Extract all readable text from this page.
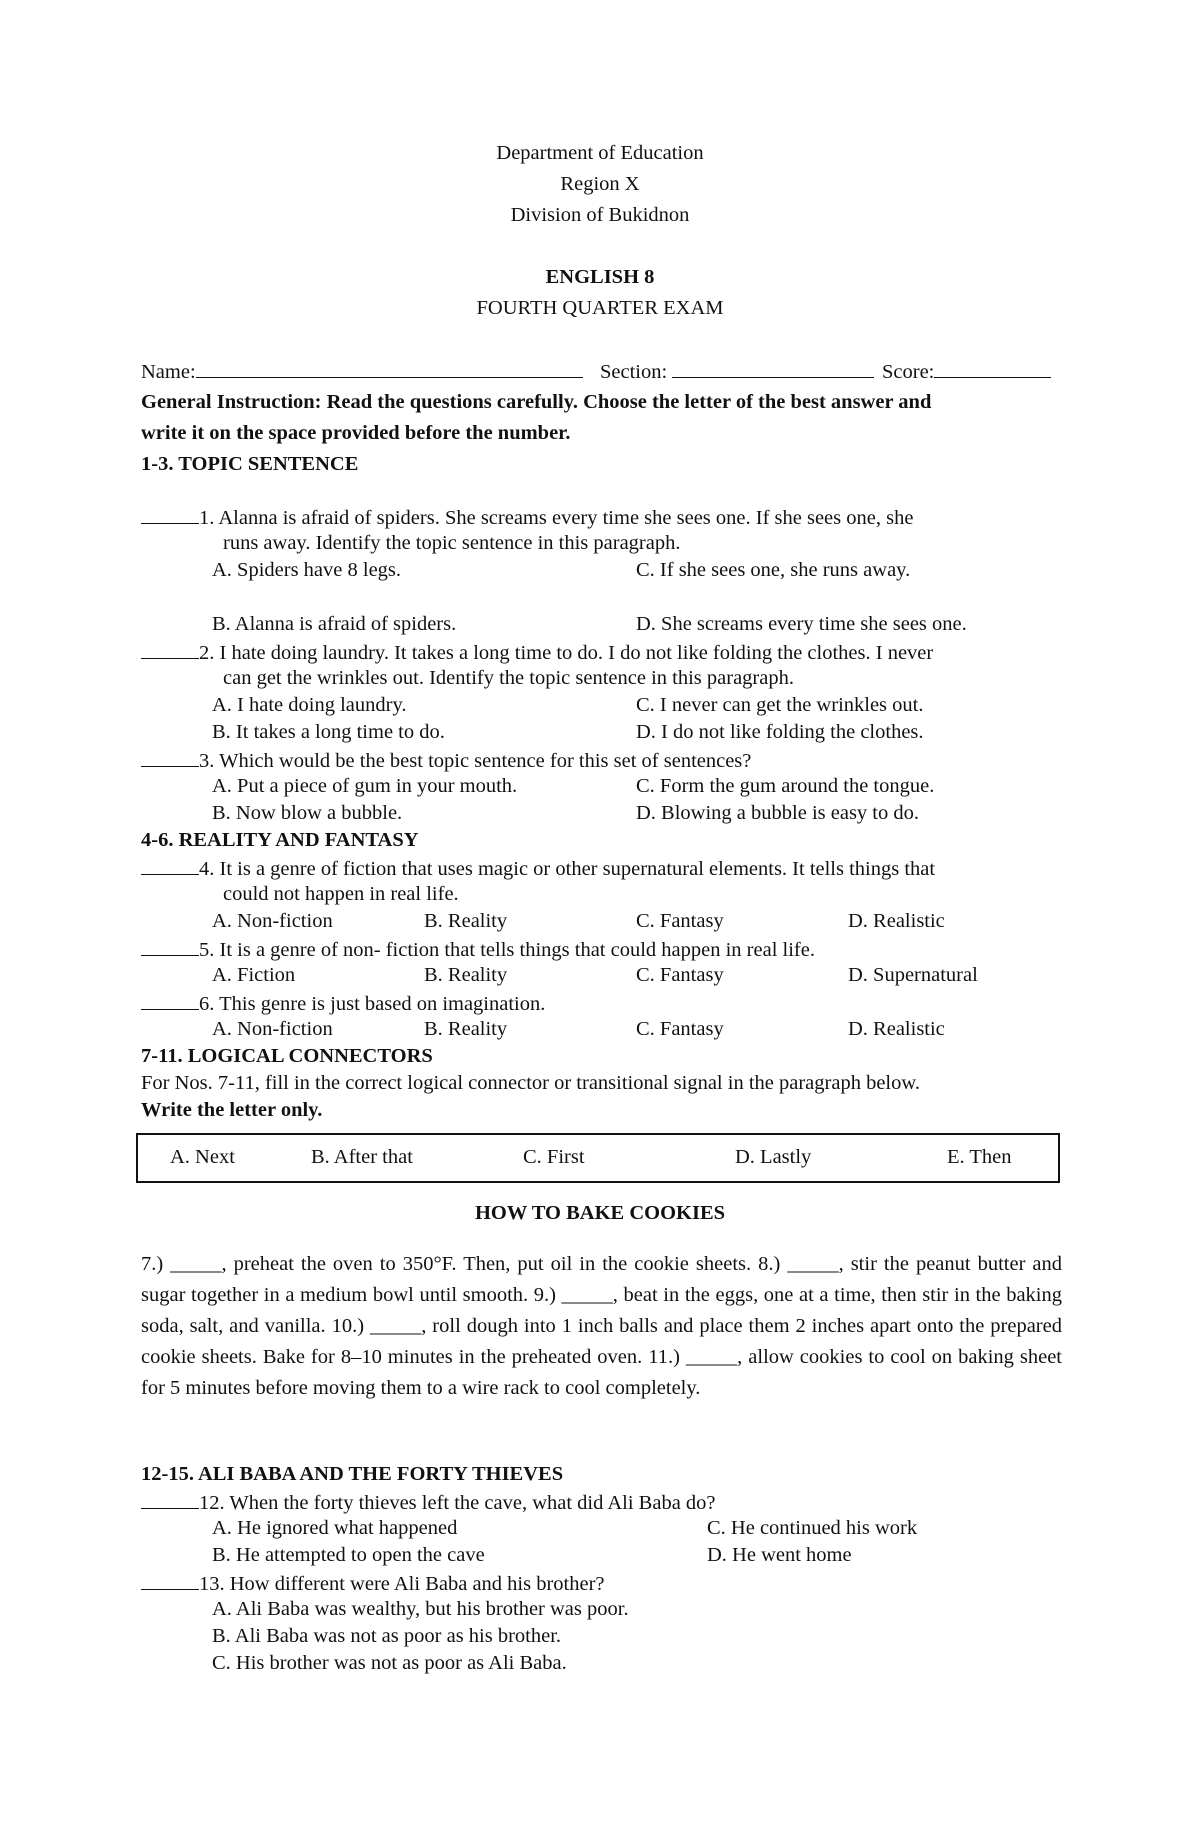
Department of Education
Region X
Division of Bukidnon
ENGLISH 8
FOURTH QUARTER EXAM
Name:	Section:	Score:
General Instruction: Read the questions carefully. Choose the letter of the best answer and
write it on the space provided before the number.
1-3. TOPIC SENTENCE
1. Alanna is afraid of spiders. She screams every time she sees one. If she sees one, she
runs away. Identify the topic sentence in this paragraph.
A. Spiders have 8 legs.	C. If she sees one, she runs away.
B. Alanna is afraid of spiders.	D. She screams every time she sees one.
2. I hate doing laundry. It takes a long time to do. I do not like folding the clothes. I never
can get the wrinkles out. Identify the topic sentence in this paragraph.
A. I hate doing laundry.	C. I never can get the wrinkles out.
B. It takes a long time to do.	D. I do not like folding the clothes.
3. Which would be the best topic sentence for this set of sentences?
A. Put a piece of gum in your mouth.	C. Form the gum around the tongue.
B. Now blow a bubble.	D. Blowing a bubble is easy to do.
4-6. REALITY AND FANTASY
4. It is a genre of fiction that uses magic or other supernatural elements. It tells things that
could not happen in real life.
A. Non-fiction	B. Reality	C. Fantasy	D. Realistic
5. It is a genre of non- fiction that tells things that could happen in real life.
A. Fiction	B. Reality	C. Fantasy	D. Supernatural
6. This genre is just based on imagination.
A. Non-fiction	B. Reality	C. Fantasy	D. Realistic
7-11. LOGICAL CONNECTORS
For Nos. 7-11, fill in the correct logical connector or transitional signal in the paragraph below.
Write the letter only.
A. Next	B. After that	C. First	D. Lastly	E. Then
HOW TO BAKE COOKIES
7.) _____, preheat the oven to 350°F. Then, put oil in the cookie sheets. 8.) _____, stir the peanut butter and sugar together in a medium bowl until smooth. 9.) _____, beat in the eggs, one at a time, then stir in the baking soda, salt, and vanilla. 10.) _____, roll dough into 1 inch balls and place them 2 inches apart onto the prepared cookie sheets. Bake for 8–10 minutes in the preheated oven. 11.) _____, allow cookies to cool on baking sheet for 5 minutes before moving them to a wire rack to cool completely.
12-15. ALI BABA AND THE FORTY THIEVES
12. When the forty thieves left the cave, what did Ali Baba do?
A. He ignored what happened	C. He continued his work
B. He attempted to open the cave	D. He went home
13. How different were Ali Baba and his brother?
A. Ali Baba was wealthy, but his brother was poor.
B. Ali Baba was not as poor as his brother.
C. His brother was not as poor as Ali Baba.
